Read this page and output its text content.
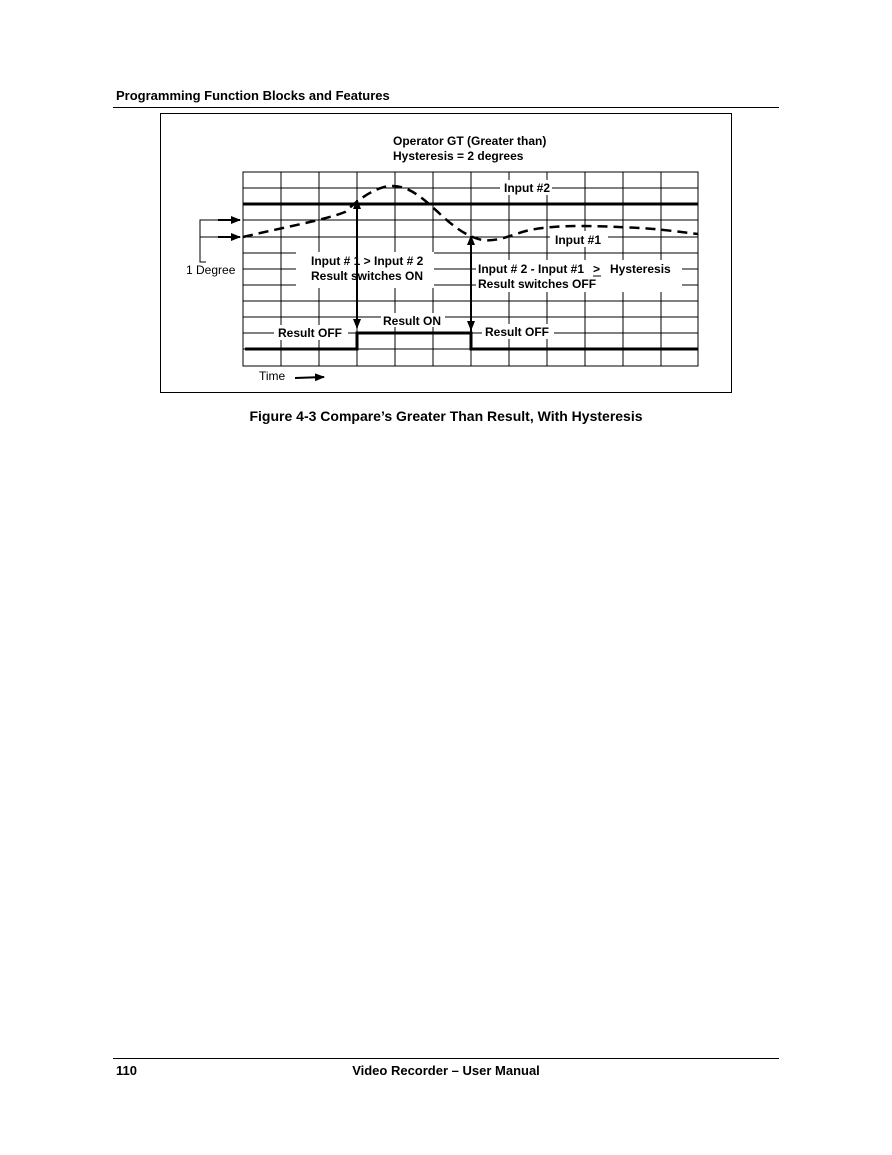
Programming Function Blocks and Features
Operator GT (Greater than)
Hysteresis = 2 degrees
Input #2
Input #1
1 Degree
Input # 1 > Input # 2
Result switches ON	Input # 2 - Input #1 > Hysteresis
Result switches OFF
Result OFF
Result ON
Result OFF
Time
Figure 4-3 Compare’s Greater Than Result, With Hysteresis
110	Video Recorder – User Manual
